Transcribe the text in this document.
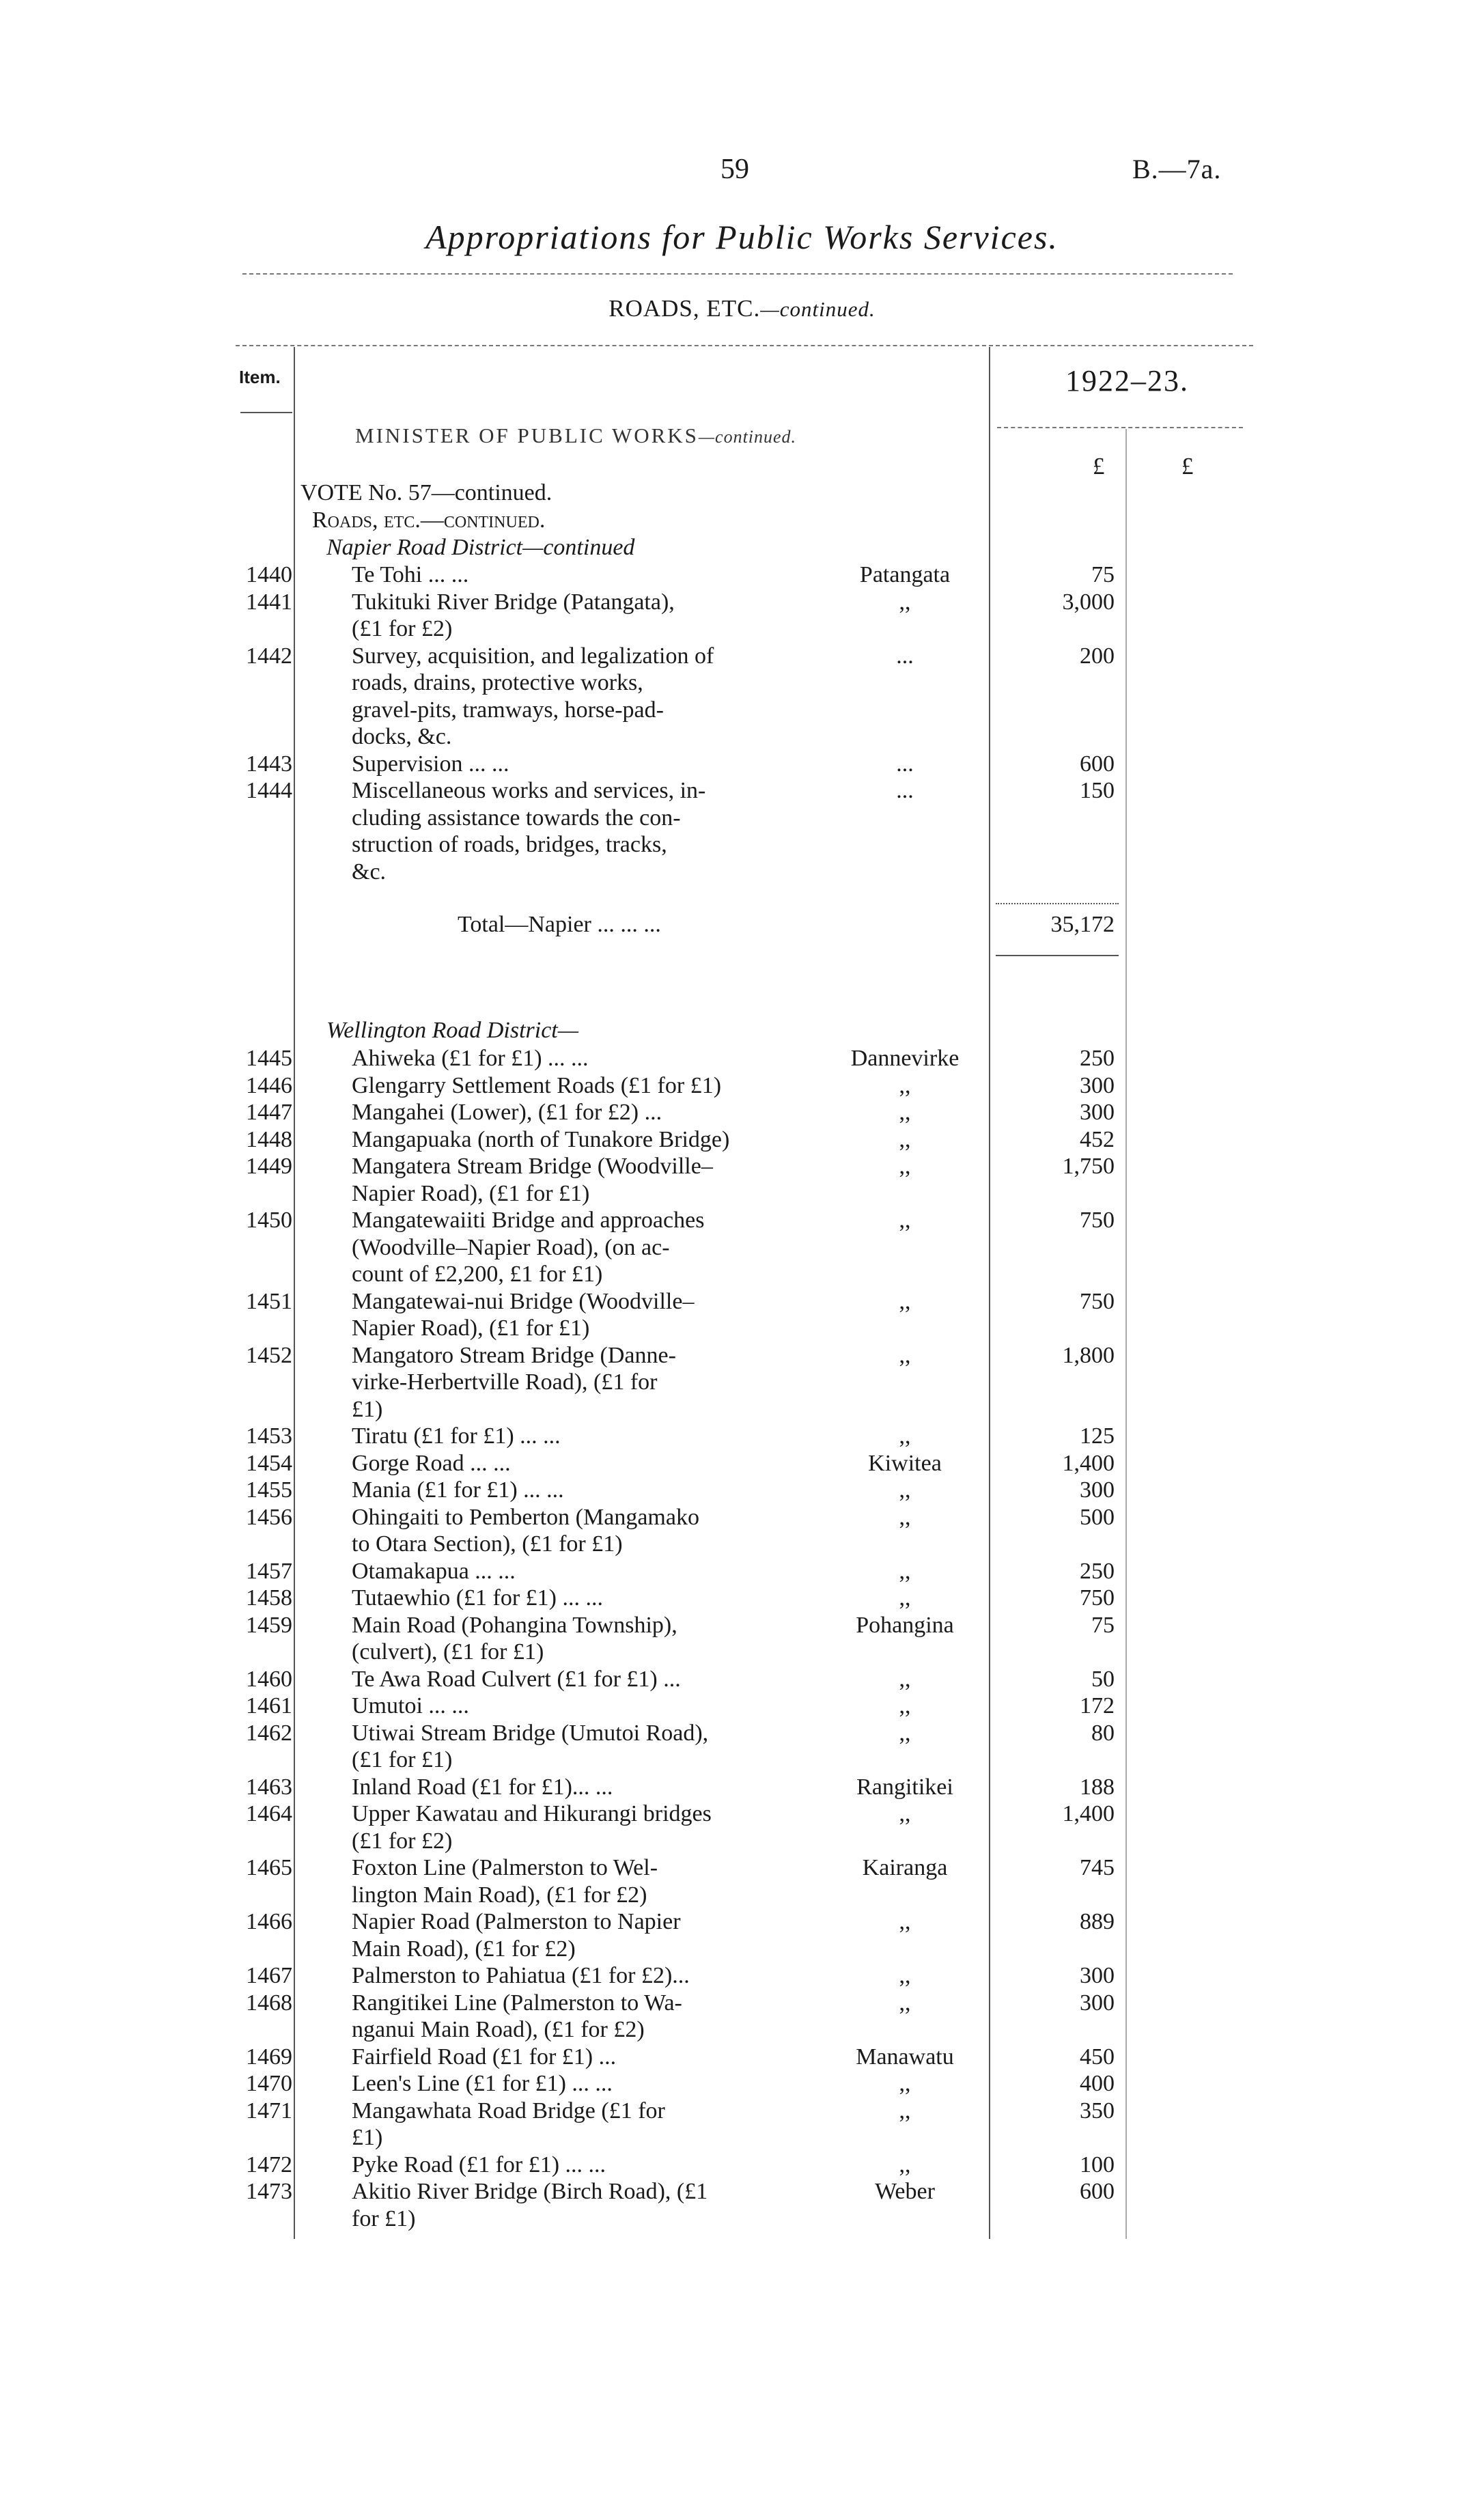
59	B.—7a.
Appropriations for Public Works Services.
ROADS, ETC.—continued.
Item.	1922–23.
£	£
MINISTER OF PUBLIC WORKS—continued.
VOTE No. 57—continued.
Roads, etc.—continued.
Napier Road District—continued
1440	Te Tohi ... ...	Patangata	75
1441	Tukituki River Bridge (Patangata),	,,	3,000
(£1 for £2)
1442	Survey, acquisition, and legalization of	...	200
roads, drains, protective works,
gravel-pits, tramways, horse-pad-
docks, &c.
1443	Supervision ... ...	...	600
1444	Miscellaneous works and services, in-	...	150
cluding assistance towards the con-
struction of roads, bridges, tracks,
&c.
Total—Napier ... ... ...	35,172
Wellington Road District—
1445	Ahiweka (£1 for £1) ... ...	Dannevirke	250
1446	Glengarry Settlement Roads (£1 for £1)	,,	300
1447	Mangahei (Lower), (£1 for £2) ...	,,	300
1448	Mangapuaka (north of Tunakore Bridge)	,,	452
1449	Mangatera Stream Bridge (Woodville–	,,	1,750
Napier Road), (£1 for £1)
1450	Mangatewaiiti Bridge and approaches	,,	750
(Woodville–Napier Road), (on ac-
count of £2,200, £1 for £1)
1451	Mangatewai-nui Bridge (Woodville–	,,	750
Napier Road), (£1 for £1)
1452	Mangatoro Stream Bridge (Danne-	,,	1,800
virke-Herbertville Road), (£1 for
£1)
1453	Tiratu (£1 for £1) ... ...	,,	125
1454	Gorge Road ... ...	Kiwitea	1,400
1455	Mania (£1 for £1) ... ...	,,	300
1456	Ohingaiti to Pemberton (Mangamako	,,	500
to Otara Section), (£1 for £1)
1457	Otamakapua ... ...	,,	250
1458	Tutaewhio (£1 for £1) ... ...	,,	750
1459	Main Road (Pohangina Township),	Pohangina	75
(culvert), (£1 for £1)
1460	Te Awa Road Culvert (£1 for £1) ...	,,	50
1461	Umutoi ... ...	,,	172
1462	Utiwai Stream Bridge (Umutoi Road),	,,	80
(£1 for £1)
1463	Inland Road (£1 for £1)... ...	Rangitikei	188
1464	Upper Kawatau and Hikurangi bridges	,,	1,400
(£1 for £2)
1465	Foxton Line (Palmerston to Wel-	Kairanga	745
lington Main Road), (£1 for £2)
1466	Napier Road (Palmerston to Napier	,,	889
Main Road), (£1 for £2)
1467	Palmerston to Pahiatua (£1 for £2)...	,,	300
1468	Rangitikei Line (Palmerston to Wa-	,,	300
nganui Main Road), (£1 for £2)
1469	Fairfield Road (£1 for £1) ...	Manawatu	450
1470	Leen's Line (£1 for £1) ... ...	,,	400
1471	Mangawhata Road Bridge (£1 for	,,	350
£1)
1472	Pyke Road (£1 for £1) ... ...	,,	100
1473	Akitio River Bridge (Birch Road), (£1	Weber	600
for £1)
